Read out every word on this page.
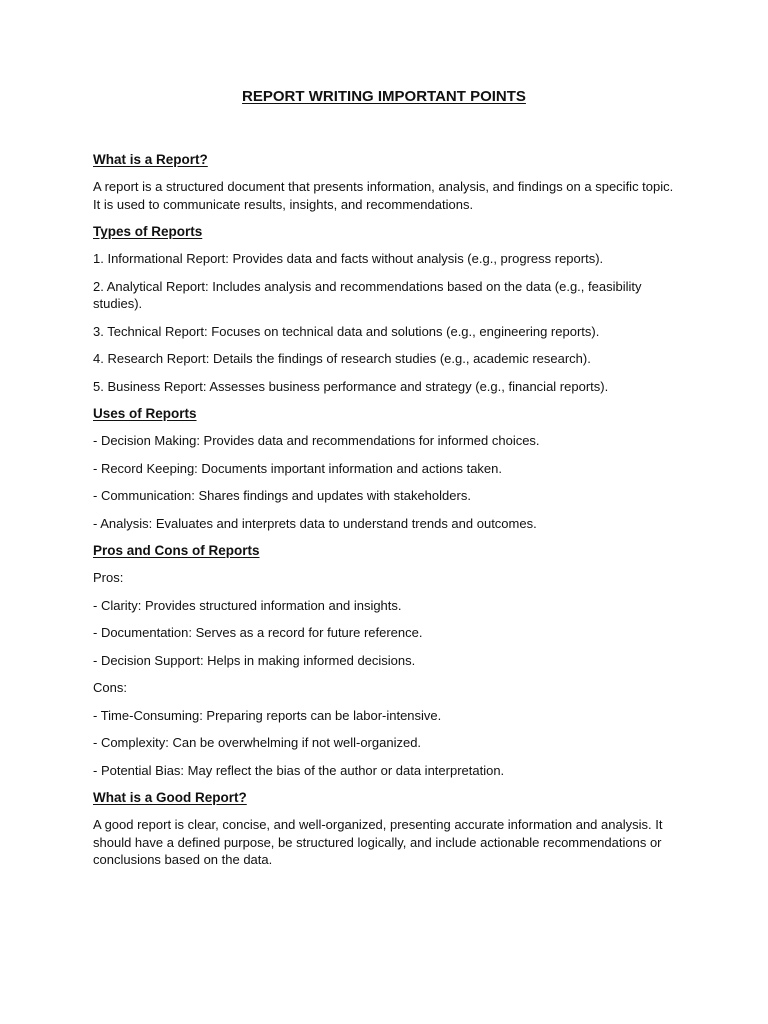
REPORT WRITING IMPORTANT POINTS
What is a Report?

A report is a structured document that presents information, analysis, and findings on a specific topic. It is used to communicate results, insights, and recommendations.

Types of Reports

1. Informational Report: Provides data and facts without analysis (e.g., progress reports).

2. Analytical Report: Includes analysis and recommendations based on the data (e.g., feasibility studies).

3. Technical Report: Focuses on technical data and solutions (e.g., engineering reports).

4. Research Report: Details the findings of research studies (e.g., academic research).

5. Business Report: Assesses business performance and strategy (e.g., financial reports).

Uses of Reports

- Decision Making: Provides data and recommendations for informed choices.

- Record Keeping: Documents important information and actions taken.

- Communication: Shares findings and updates with stakeholders.

- Analysis: Evaluates and interprets data to understand trends and outcomes.

Pros and Cons of Reports

Pros:

- Clarity: Provides structured information and insights.

- Documentation: Serves as a record for future reference.

- Decision Support: Helps in making informed decisions.

Cons:

- Time-Consuming: Preparing reports can be labor-intensive.

- Complexity: Can be overwhelming if not well-organized.

- Potential Bias: May reflect the bias of the author or data interpretation.

What is a Good Report?

A good report is clear, concise, and well-organized, presenting accurate information and analysis. It should have a defined purpose, be structured logically, and include actionable recommendations or conclusions based on the data.
